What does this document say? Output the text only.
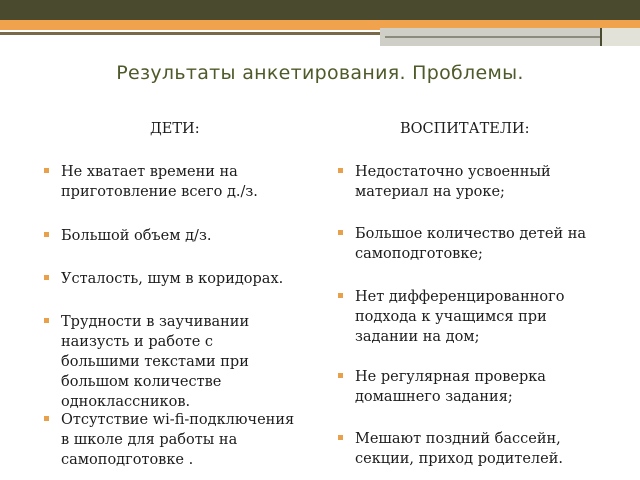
Результаты анкетирования. Проблемы.
ДЕТИ:	ВОСПИТАТЕЛИ:
Не хватает времени на приготовление всего д./з.
Большой объем д/з.
Усталость, шум в коридорах.
Трудности в заучивании наизусть и работе с большими текстами при большом количестве одноклассников.
Отсутствие wi-fi-подключения в школе для работы на самоподготовке .
Недостаточно усвоенный материал на уроке;
Большое количество детей на самоподготовке;
Нет дифференцированного подхода к учащимся при задании на дом;
Не регулярная проверка домашнего задания;
Мешают поздний бассейн, секции, приход родителей.
